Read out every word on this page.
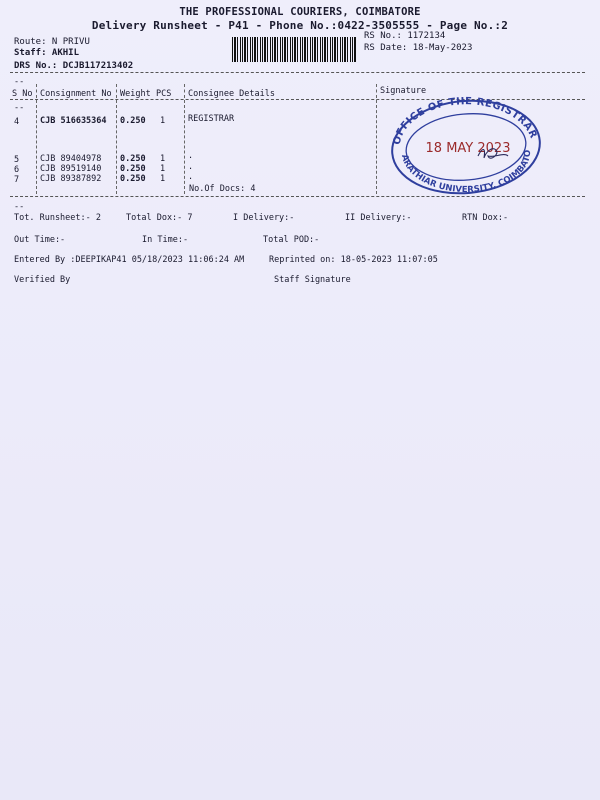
THE PROFESSIONAL COURIERS, COIMBATORE
Delivery Runsheet - P41 - Phone No.:0422-3505555 - Page No.:2
Route: N PRIVU
Staff: AKHIL
DRS No.: DCJB117213402
RS No.: 1172134
RS Date: 18-May-2023
--
S No Consignment No Weight PCS Consignee Details	Signature
--
4 CJB 516635364 0.250 1	REGISTRAR
5 CJB 89404978 0.250 1	.
6 CJB 89519140 0.250 1	.
7 CJB 89387892 0.250 1	.
No.Of Docs: 4
OFFICE OF THE REGISTRAR
ARATHIAR UNIVERSITY, COIMBATO
18 MAY 2023
--
Tot. Runsheet:- 2	Total Dox:- 7	I Delivery:-	II Delivery:-	RTN Dox:-
Out Time:-	In Time:-	Total POD:-
Entered By :DEEPIKAP41 05/18/2023 11:06:24 AM	Reprinted on: 18-05-2023 11:07:05
Verified By	Staff Signature
